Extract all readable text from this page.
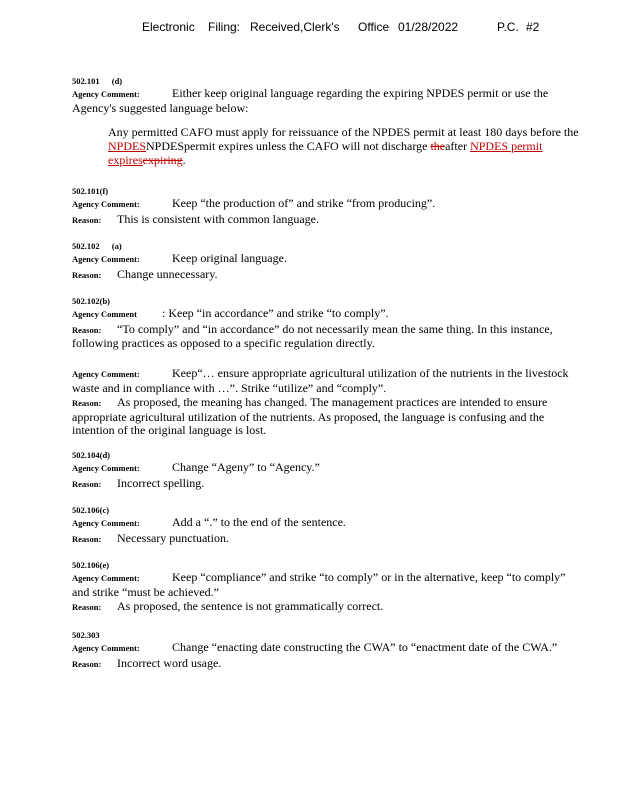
Electronic Filing: Received,Clerk's Office 01/28/2022	P.C. #2
502.101 (d)
Agency Comment:	Either keep original language regarding the expiring NPDES permit or use the Agency's suggested language below:
Any permitted CAFO must apply for reissuance of the NPDES permit at least 180 days before the NPDESNPDESpermit expires unless the CAFO will not discharge theafter NPDES permit expiresexpiring.
502.101(f)
Agency Comment:	Keep “the production of” and strike “from producing”.
Reason: This is consistent with common language.
502.102 (a)
Agency Comment:	Keep original language.
Reason: Change unnecessary.
502.102(b)
Agency Comment : Keep “in accordance” and strike “to comply”.
Reason: “To comply” and “in accordance” do not necessarily mean the same thing. In this instance, following practices as opposed to a specific regulation directly.
Agency Comment:	Keep“… ensure appropriate agricultural utilization of the nutrients in the livestock waste and in compliance with …”. Strike “utilize” and “comply”.
Reason: As proposed, the meaning has changed. The management practices are intended to ensure appropriate agricultural utilization of the nutrients. As proposed, the language is confusing and the intention of the original language is lost.
502.104(d)
Agency Comment:	Change “Ageny” to “Agency.”
Reason: Incorrect spelling.
502.106(c)
Agency Comment:	Add a “.” to the end of the sentence.
Reason: Necessary punctuation.
502.106(e)
Agency Comment:	Keep “compliance” and strike “to comply” or in the alternative, keep “to comply” and strike “must be achieved.”
Reason: As proposed, the sentence is not grammatically correct.
502.303
Agency Comment:	Change “enacting date constructing the CWA” to “enactment date of the CWA.”
Reason: Incorrect word usage.
